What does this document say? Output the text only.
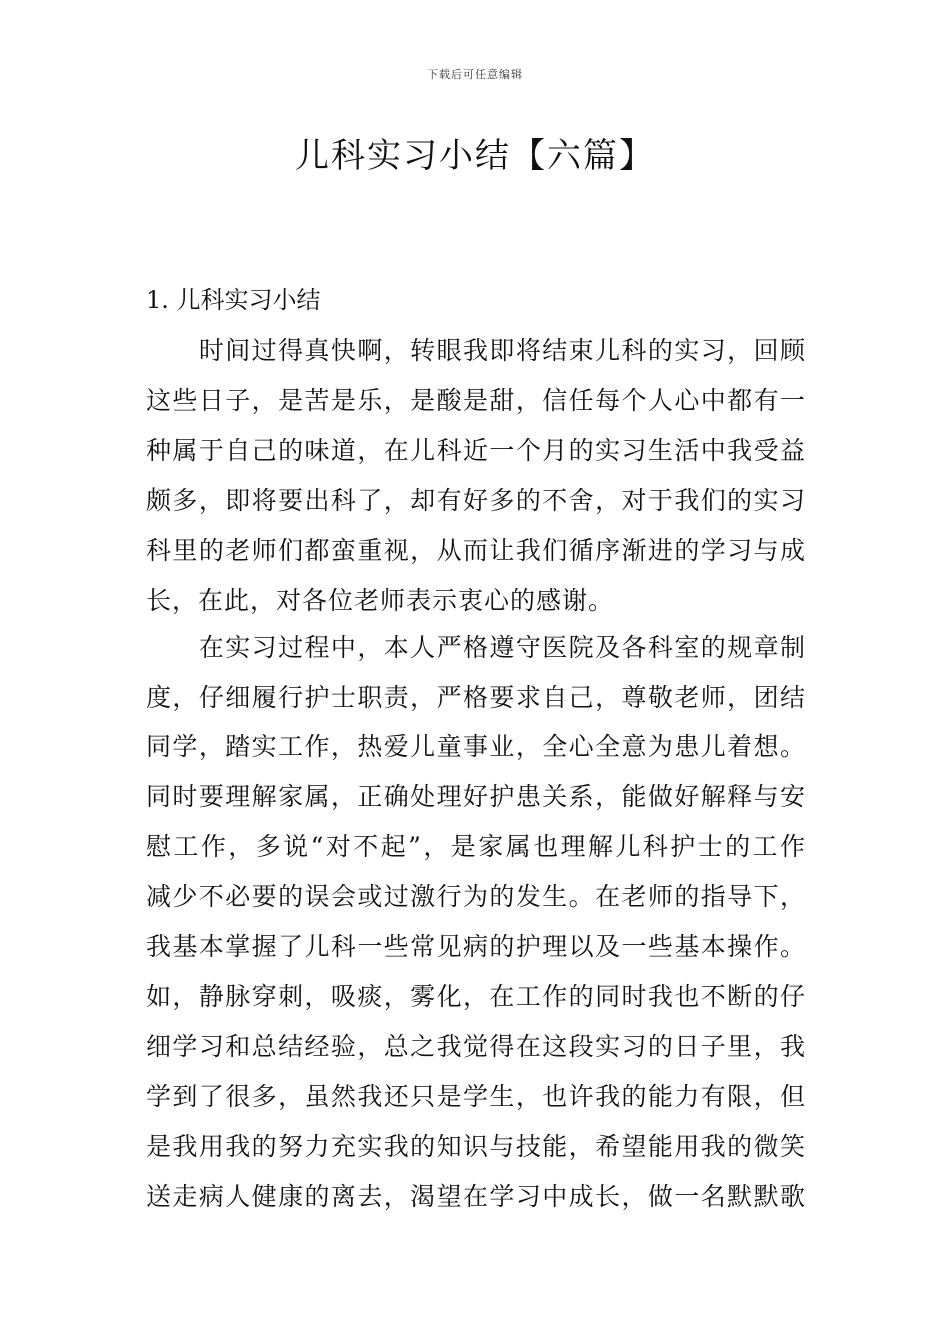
下载后可任意编辑
儿科实习小结【六篇】
1. 儿科实习小结
　　时间过得真快啊，转眼我即将结束儿科的实习，回顾
这些日子，是苦是乐，是酸是甜，信任每个人心中都有一
种属于自己的味道，在儿科近一个月的实习生活中我受益
颇多，即将要出科了，却有好多的不舍，对于我们的实习
科里的老师们都蛮重视，从而让我们循序渐进的学习与成
长，在此，对各位老师表示衷心的感谢。
　　在实习过程中，本人严格遵守医院及各科室的规章制
度，仔细履行护士职责，严格要求自己，尊敬老师，团结
同学，踏实工作，热爱儿童事业，全心全意为患儿着想。
同时要理解家属，正确处理好护患关系，能做好解释与安
慰工作，多说“对不起”，是家属也理解儿科护士的工作
减少不必要的误会或过激行为的发生。在老师的指导下，
我基本掌握了儿科一些常见病的护理以及一些基本操作。
如，静脉穿刺，吸痰，雾化，在工作的同时我也不断的仔
细学习和总结经验，总之我觉得在这段实习的日子里，我
学到了很多，虽然我还只是学生，也许我的能力有限，但
是我用我的努力充实我的知识与技能，希望能用我的微笑
送走病人健康的离去，渴望在学习中成长，做一名默默歌
